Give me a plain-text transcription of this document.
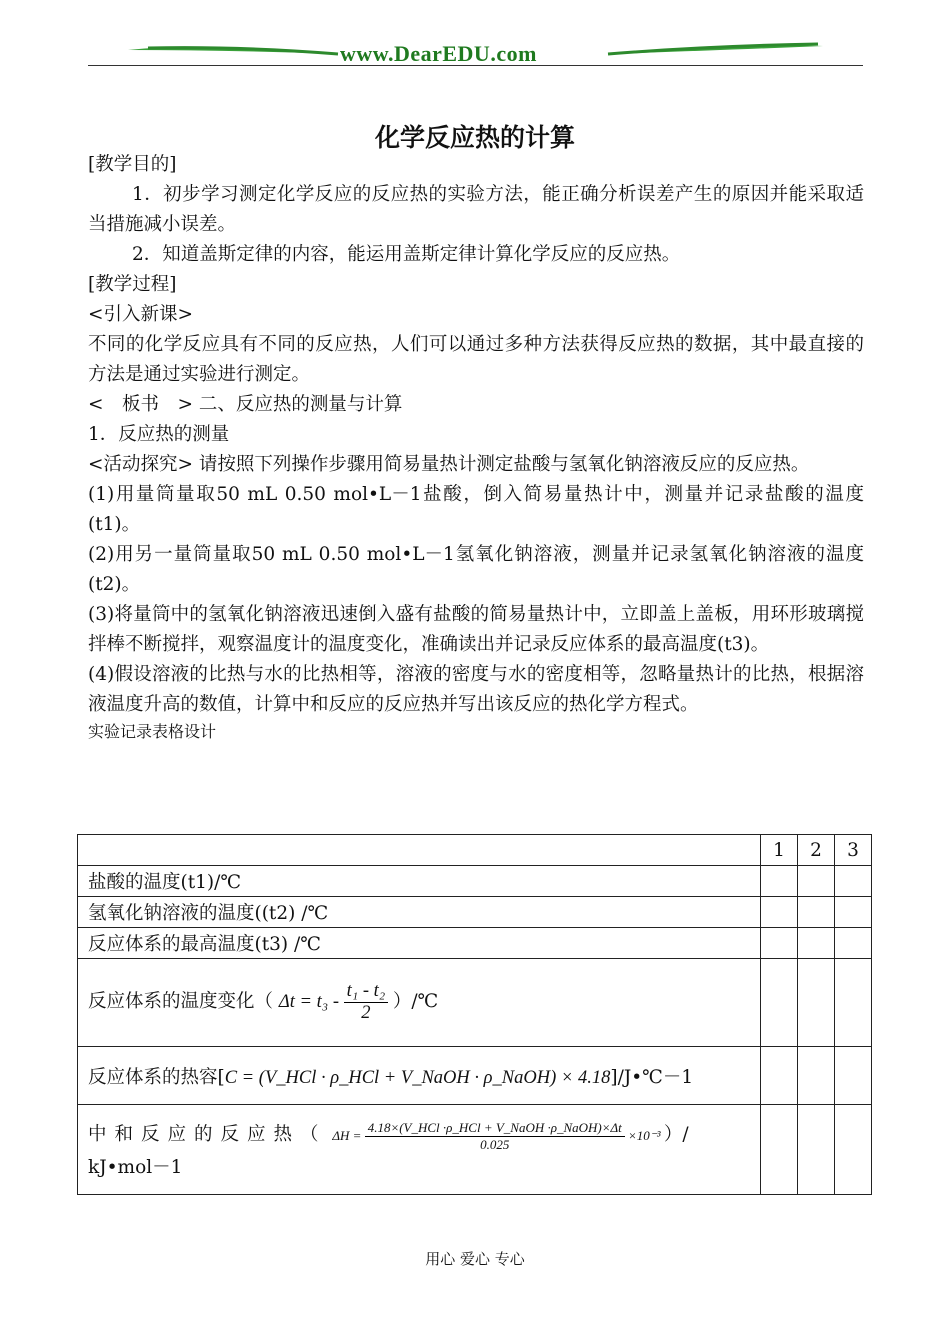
www.DearEDU.com
化学反应热的计算

[教学目的]

1．初步学习测定化学反应的反应热的实验方法，能正确分析误差产生的原因并能采取适当措施减小误差。

2．知道盖斯定律的内容，能运用盖斯定律计算化学反应的反应热。

[教学过程]

<引入新课>

不同的化学反应具有不同的反应热，人们可以通过多种方法获得反应热的数据，其中最直接的方法是通过实验进行测定。

<　板书　> 二、反应热的测量与计算

1．反应热的测量

<活动探究> 请按照下列操作步骤用简易量热计测定盐酸与氢氧化钠溶液反应的反应热。

(1)用量筒量取50 mL 0.50 mol•L－1盐酸，倒入简易量热计中，测量并记录盐酸的温度(t1)。

(2)用另一量筒量取50 mL 0.50 mol•L－1氢氧化钠溶液，测量并记录氢氧化钠溶液的温度(t2)。

(3)将量筒中的氢氧化钠溶液迅速倒入盛有盐酸的简易量热计中，立即盖上盖板，用环形玻璃搅拌棒不断搅拌，观察温度计的温度变化，准确读出并记录反应体系的最高温度(t3)。

(4)假设溶液的比热与水的比热相等，溶液的密度与水的密度相等，忽略量热计的比热，根据溶液温度升高的数值，计算中和反应的反应热并写出该反应的热化学方程式。

实验记录表格设计

	1	2	3
盐酸的温度(t1)/℃			
氢氧化钠溶液的温度((t2) /℃			
反应体系的最高温度(t3) /℃			
反应体系的温度变化（ $\Delta t = t_3 - \frac{\text{t₁ - t₂}}{2}$ ）/℃			
反应体系的热容[C = (V_HCl · ρ_HCl + V_NaOH · ρ_NaOH) × 4.18]/J•℃－1			

中和反应的反应热（ $\Delta H = \frac{\text{4.18×(V\_HCl ·ρ\_HCl + V\_NaOH ·ρ\_NaOH)×Δt}}{0.025} \times 10^{-3}$ ）/
kJ•mol－1			

用心 爱心 专心
